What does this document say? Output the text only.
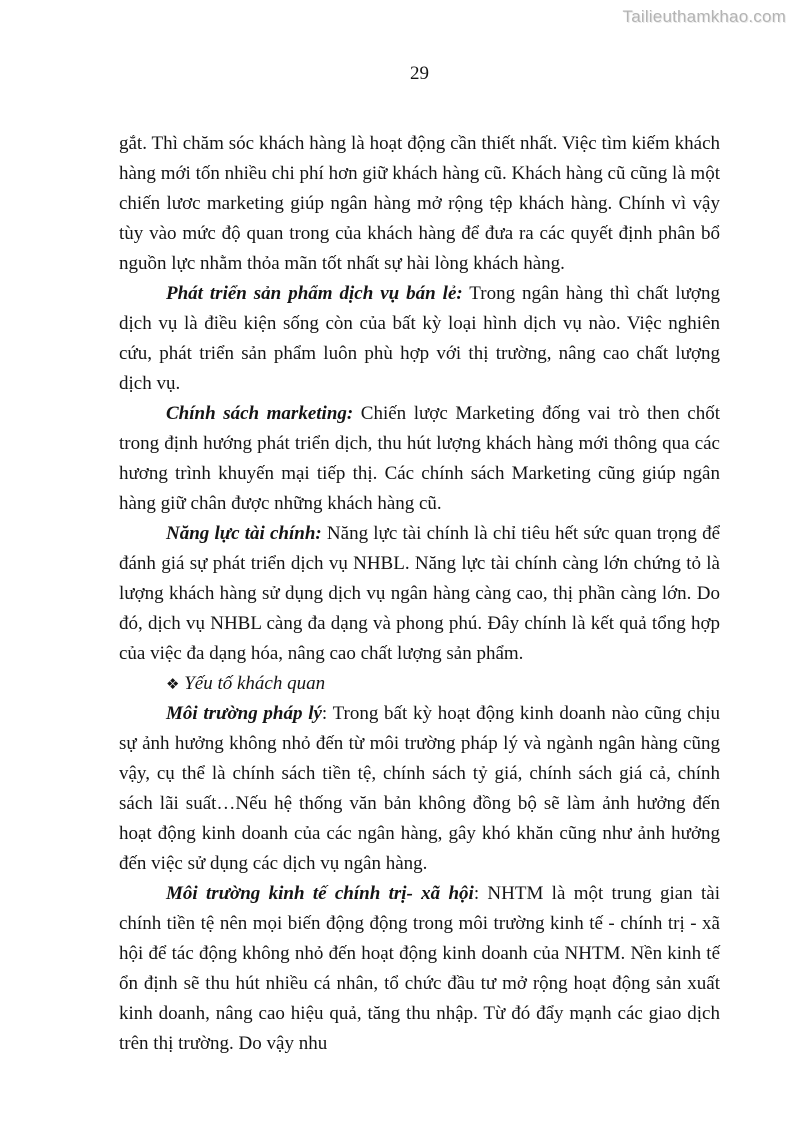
Tailieuthamkhao.com
29

gắt. Thì chăm sóc khách hàng là hoạt động cần thiết nhất. Việc tìm kiếm khách hàng mới tốn nhiều chi phí hơn giữ khách hàng cũ. Khách hàng cũ cũng là một chiến lươc marketing giúp ngân hàng mở rộng tệp khách hàng. Chính vì vậy tùy vào mức độ quan trong của khách hàng để đưa ra các quyết định phân bổ nguồn lực nhằm thỏa mãn tốt nhất sự hài lòng khách hàng.

Phát triển sản phẩm dịch vụ bán lẻ: Trong ngân hàng thì chất lượng dịch vụ là điều kiện sống còn của bất kỳ loại hình dịch vụ nào. Việc nghiên cứu, phát triển sản phẩm luôn phù hợp với thị trường, nâng cao chất lượng dịch vụ.

Chính sách marketing: Chiến lược Marketing đống vai trò then chốt trong định hướng phát triển dịch, thu hút lượng khách hàng mới thông qua các hương trình khuyến mại tiếp thị. Các chính sách Marketing cũng giúp ngân hàng giữ chân được những khách hàng cũ.

Năng lực tài chính: Năng lực tài chính là chỉ tiêu hết sức quan trọng để đánh giá sự phát triển dịch vụ NHBL. Năng lực tài chính càng lớn chứng tỏ là lượng khách hàng sử dụng dịch vụ ngân hàng càng cao, thị phần càng lớn. Do đó, dịch vụ NHBL càng đa dạng và phong phú. Đây chính là kết quả tổng hợp của việc đa dạng hóa, nâng cao chất lượng sản phẩm.

❖ Yếu tố khách quan

Môi trường pháp lý: Trong bất kỳ hoạt động kinh doanh nào cũng chịu sự ảnh hưởng không nhỏ đến từ môi trường pháp lý và ngành ngân hàng cũng vậy, cụ thể là chính sách tiền tệ, chính sách tỷ giá, chính sách giá cả, chính sách lãi suất…Nếu hệ thống văn bản không đồng bộ sẽ làm ảnh hưởng đến hoạt động kinh doanh của các ngân hàng, gây khó khăn cũng như ảnh hưởng đến việc sử dụng các dịch vụ ngân hàng.

Môi trường kinh tế chính trị- xã hội: NHTM là một trung gian tài chính tiền tệ nên mọi biến động động trong môi trường kinh tế - chính trị - xã hội để tác động không nhỏ đến hoạt động kinh doanh của NHTM. Nền kinh tế ổn định sẽ thu hút nhiều cá nhân, tổ chức đầu tư mở rộng hoạt động sản xuất kinh doanh, nâng cao hiệu quả, tăng thu nhập. Từ đó đẩy mạnh các giao dịch trên thị trường. Do vậy nhu
